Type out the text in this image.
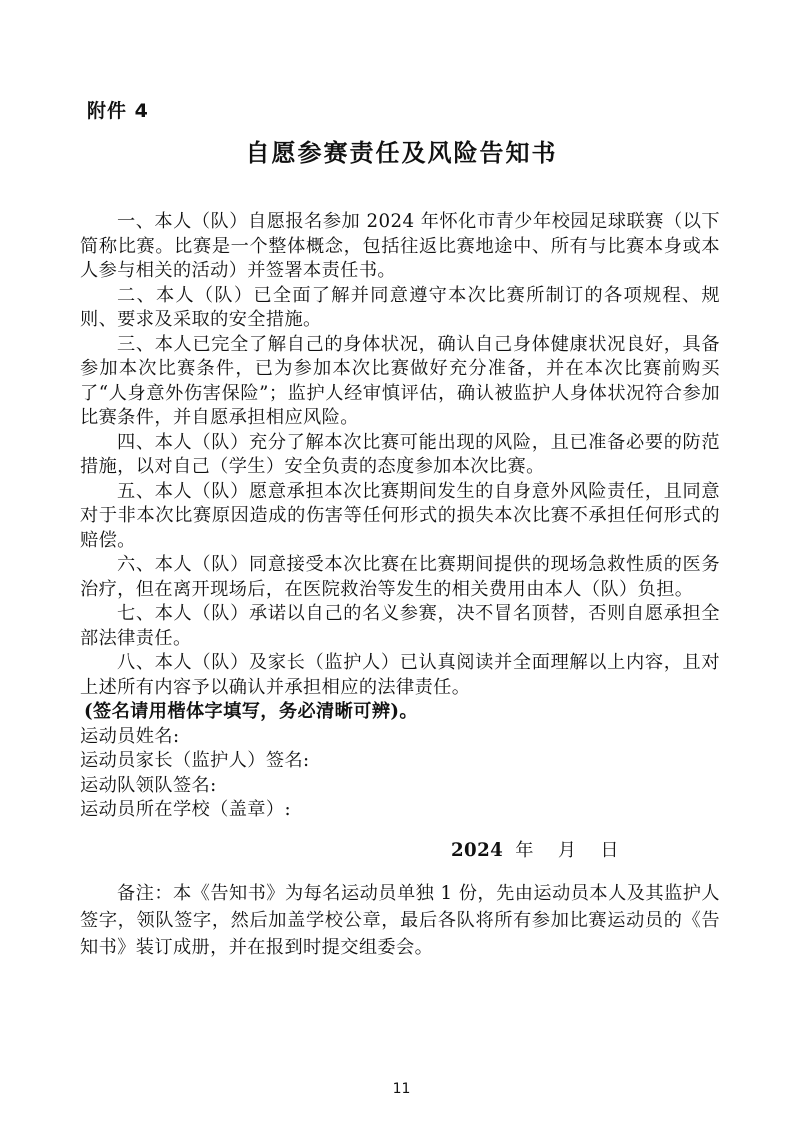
附件 4
自愿参赛责任及风险告知书

一、本人（队）自愿报名参加 2024 年怀化市青少年校园足球联赛（以下简称比赛。比赛是一个整体概念，包括往返比赛地途中、所有与比赛本身或本人参与相关的活动）并签署本责任书。

二、本人（队）已全面了解并同意遵守本次比赛所制订的各项规程、规则、要求及采取的安全措施。

三、本人已完全了解自己的身体状况，确认自己身体健康状况良好，具备参加本次比赛条件，已为参加本次比赛做好充分准备，并在本次比赛前购买了“人身意外伤害保险”；监护人经审慎评估，确认被监护人身体状况符合参加比赛条件，并自愿承担相应风险。

四、本人（队）充分了解本次比赛可能出现的风险，且已准备必要的防范措施，以对自己（学生）安全负责的态度参加本次比赛。

五、本人（队）愿意承担本次比赛期间发生的自身意外风险责任，且同意对于非本次比赛原因造成的伤害等任何形式的损失本次比赛不承担任何形式的赔偿。

六、本人（队）同意接受本次比赛在比赛期间提供的现场急救性质的医务治疗，但在离开现场后，在医院救治等发生的相关费用由本人（队）负担。

七、本人（队）承诺以自己的名义参赛，决不冒名顶替，否则自愿承担全部法律责任。

八、本人（队）及家长（监护人）已认真阅读并全面理解以上内容，且对上述所有内容予以确认并承担相应的法律责任。

(签名请用楷体字填写，务必清晰可辨)。

运动员姓名:

运动员家长（监护人）签名:

运动队领队签名:

运动员所在学校（盖章）:

2024 年 月 日

备注：本《告知书》为每名运动员单独 1 份，先由运动员本人及其监护人签字，领队签字，然后加盖学校公章，最后各队将所有参加比赛运动员的《告知书》装订成册，并在报到时提交组委会。

11
